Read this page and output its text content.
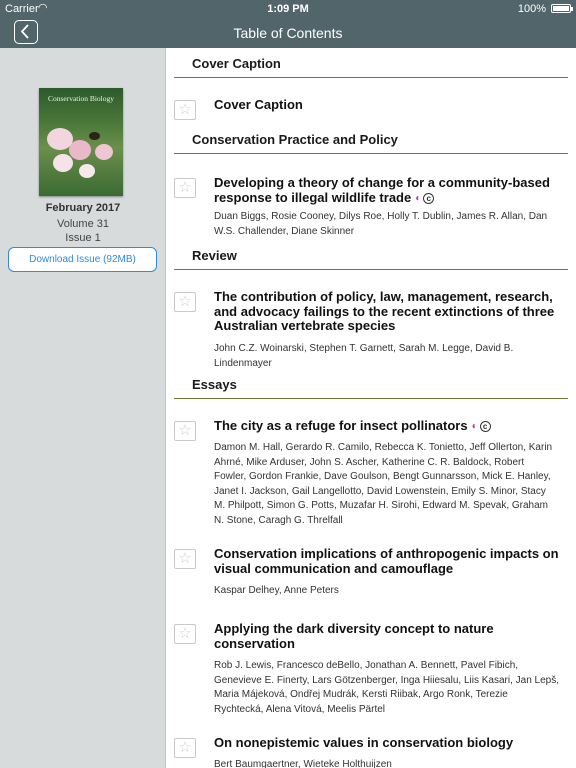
Carrier ◠	1:09 PM	100%
Table of Contents
Conservation Biology
February 2017
Volume 31
Issue 1
Download Issue (92MB)
Cover Caption
☆	Cover Caption
Conservation Practice and Policy
☆	Developing a theory of change for a community-based response to illegal wildlife trade ◐ c
Duan Biggs, Rosie Cooney, Dilys Roe, Holly T. Dublin, James R. Allan, Dan W.S. Challender, Diane Skinner
Review
☆	The contribution of policy, law, management, research, and advocacy failings to the recent extinctions of three Australian vertebrate species
John C.Z. Woinarski, Stephen T. Garnett, Sarah M. Legge, David B. Lindenmayer
Essays
☆	The city as a refuge for insect pollinators ◐ c
Damon M. Hall, Gerardo R. Camilo, Rebecca K. Tonietto, Jeff Ollerton, Karin Ahrné, Mike Arduser, John S. Ascher, Katherine C. R. Baldock, Robert Fowler, Gordon Frankie, Dave Goulson, Bengt Gunnarsson, Mick E. Hanley, Janet I. Jackson, Gail Langellotto, David Lowenstein, Emily S. Minor, Stacy M. Philpott, Simon G. Potts, Muzafar H. Sirohi, Edward M. Spevak, Graham N. Stone, Caragh G. Threlfall
☆	Conservation implications of anthropogenic impacts on visual communication and camouflage
Kaspar Delhey, Anne Peters
☆	Applying the dark diversity concept to nature conservation
Rob J. Lewis, Francesco deBello, Jonathan A. Bennett, Pavel Fibich, Genevieve E. Finerty, Lars Götzenberger, Inga Hiiesalu, Liis Kasari, Jan Lepš, Maria Májeková, Ondřej Mudrák, Kersti Riibak, Argo Ronk, Terezie Rychtecká, Alena Vitová, Meelis Pärtel
☆	On nonepistemic values in conservation biology
Bert Baumgaertner, Wieteke Holthuijzen
